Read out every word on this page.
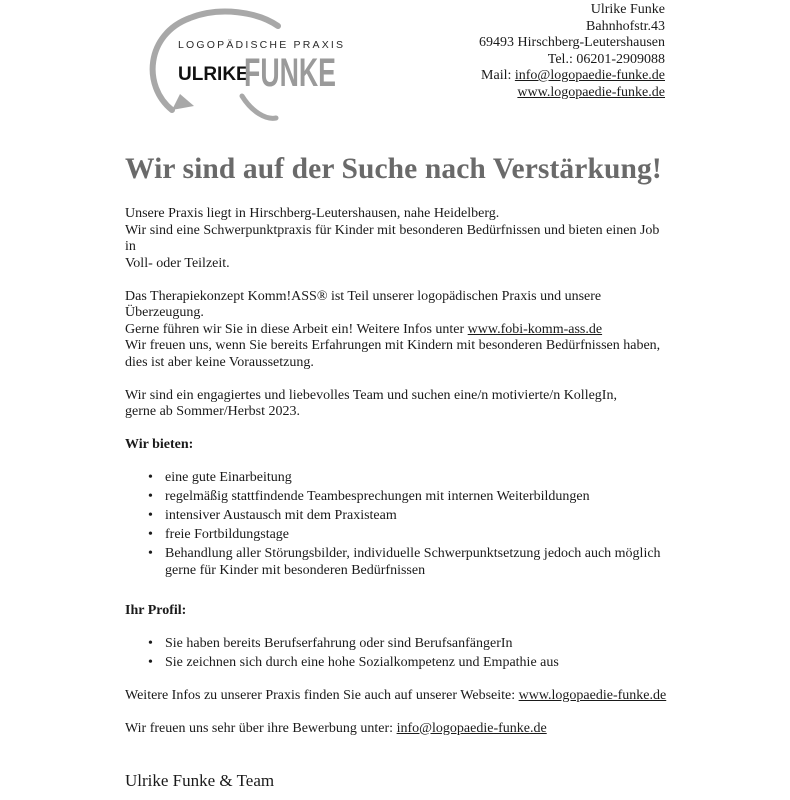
LOGOPÄDISCHE PRAXIS
ULRIKE
FUNKE
Ulrike Funke
Bahnhofstr.43
69493 Hirschberg-Leutershausen
Tel.: 06201-2909088
Mail: info@logopaedie-funke.de
www.logopaedie-funke.de
Wir sind auf der Suche nach Verstärkung!

Unsere Praxis liegt in Hirschberg-Leutershausen, nahe Heidelberg.
Wir sind eine Schwerpunktpraxis für Kinder mit besonderen Bedürfnissen und bieten einen Job in
Voll- oder Teilzeit.

Das Therapiekonzept Komm!ASS® ist Teil unserer logopädischen Praxis und unsere Überzeugung.
Gerne führen wir Sie in diese Arbeit ein! Weitere Infos unter www.fobi-komm-ass.de
Wir freuen uns, wenn Sie bereits Erfahrungen mit Kindern mit besonderen Bedürfnissen haben,
dies ist aber keine Voraussetzung.

Wir sind ein engagiertes und liebevolles Team und suchen eine/n motivierte/n KollegIn,
gerne ab Sommer/Herbst 2023.

Wir bieten:
• eine gute Einarbeitung
• regelmäßig stattfindende Teambesprechungen mit internen Weiterbildungen
• intensiver Austausch mit dem Praxisteam
• freie Fortbildungstage
• Behandlung aller Störungsbilder, individuelle Schwerpunktsetzung jedoch auch möglich
gerne für Kinder mit besonderen Bedürfnissen
Ihr Profil:
• Sie haben bereits Berufserfahrung oder sind BerufsanfängerIn
• Sie zeichnen sich durch eine hohe Sozialkompetenz und Empathie aus

Weitere Infos zu unserer Praxis finden Sie auch auf unserer Webseite: www.logopaedie-funke.de

Wir freuen uns sehr über ihre Bewerbung unter: info@logopaedie-funke.de

Ulrike Funke & Team
